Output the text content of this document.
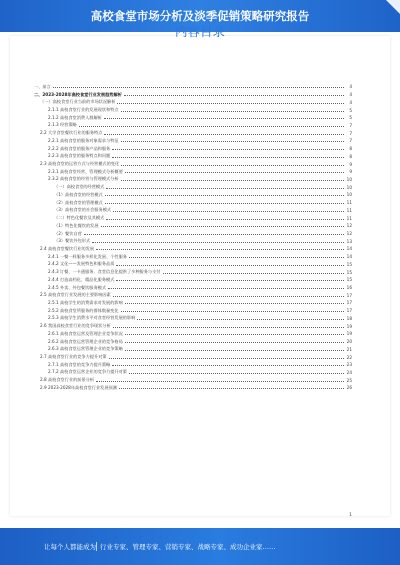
高校食堂市场分析及淡季促销策略研究报告
内容目录
一、前言	4
二、2023-2028年高校食堂行业发展趋势解析	4
（一）高校食堂行业当前的市场状况解析	4
2.1.1 高校食堂行业的发展现状和特点	5
2.1.2 高校食堂消费人群解析	5
2.1.3 经营策略	7
2.2 大学食堂餐饮行业的服务特点	7
2.2.1 高校食堂的服务对象需求与特征	7
2.2.2 高校食堂的服务产品和服务	8
2.2.3 高校食堂的服务特点和问题	8
2.3 高校食堂的运营方式与经营模式的变化	9
2.3.1 高校食堂经营、管理模式分析概要	9
2.3.2 高校食堂的经营与管理模式分析	10
（一）高校食堂的经营模式	10
（1）高校食堂的经营模式	10
（2）高校食堂的管理模式	11
（3）高校食堂的社会服务模式	11
（二）特色化餐饮及其模式	11
（1）特色化餐饮的发展	12
（2）餐饮自营	12
（3）餐饮外包形式	13
2.4 高校食堂餐饮行业的发展	14
2.4.1 一餐一样服务多样化发展、个性服务	14
2.4.2 文化——发展特色和服务品质	15
2.4.3 订餐、一卡通服务、食堂信息化提供了多种服务与支付	15
2.4.4 打造高档化、精品化服务模式	15
2.4.5 外卖、外包餐饮服务模式	16
2.5 高校食堂行业发展的主要影响因素	17
2.5.1 高校学生的消费需求对发展的影响	17
2.5.2 高校食堂所服务的群体数量变化	17
2.5.3 高校学生消费水平对食堂经营发展的影响	18
2.6 我国高校食堂行业的竞争现状分析	19
2.6.1 高校食堂运营及管理企业竞争状况	19
2.6.2 高校食堂运营管理企业的竞争格局	20
2.6.3 高校食堂运营管理企业的竞争策略	21
2.7 高校食堂行业的竞争力提升对策	22
2.7.1 高校食堂的竞争力提升策略	23
2.7.2 高校食堂运营企业的竞争力提升对策	24
2.8 高校食堂行业的前景分析	25
2.9 2023-2028年高校食堂行业发展预测	26
1
让每个人都能成为 行业专家、管理专家、营销专家、战略专家、成功企业家……
